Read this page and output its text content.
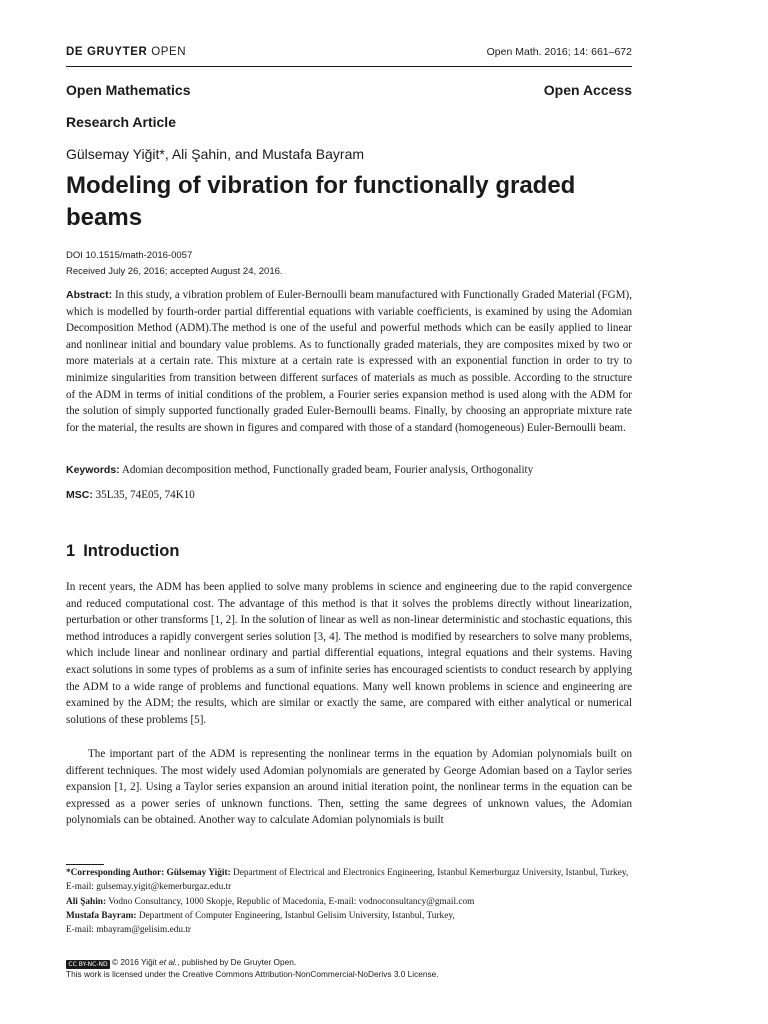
DE GRUYTER OPEN	Open Math. 2016; 14: 661–672
Open Mathematics	Open Access
Research Article
Gülsemay Yiğit*, Ali Şahin, and Mustafa Bayram
Modeling of vibration for functionally graded beams
DOI 10.1515/math-2016-0057
Received July 26, 2016; accepted August 24, 2016.
Abstract: In this study, a vibration problem of Euler-Bernoulli beam manufactured with Functionally Graded Material (FGM), which is modelled by fourth-order partial differential equations with variable coefficients, is examined by using the Adomian Decomposition Method (ADM).The method is one of the useful and powerful methods which can be easily applied to linear and nonlinear initial and boundary value problems. As to functionally graded materials, they are composites mixed by two or more materials at a certain rate. This mixture at a certain rate is expressed with an exponential function in order to try to minimize singularities from transition between different surfaces of materials as much as possible. According to the structure of the ADM in terms of initial conditions of the problem, a Fourier series expansion method is used along with the ADM for the solution of simply supported functionally graded Euler-Bernoulli beams. Finally, by choosing an appropriate mixture rate for the material, the results are shown in figures and compared with those of a standard (homogeneous) Euler-Bernoulli beam.
Keywords: Adomian decomposition method, Functionally graded beam, Fourier analysis, Orthogonality
MSC: 35L35, 74E05, 74K10
1 Introduction
In recent years, the ADM has been applied to solve many problems in science and engineering due to the rapid convergence and reduced computational cost. The advantage of this method is that it solves the problems directly without linearization, perturbation or other transforms [1, 2]. In the solution of linear as well as non-linear deterministic and stochastic equations, this method introduces a rapidly convergent series solution [3, 4]. The method is modified by researchers to solve many problems, which include linear and nonlinear ordinary and partial differential equations, integral equations and their systems. Having exact solutions in some types of problems as a sum of infinite series has encouraged scientists to conduct research by applying the ADM to a wide range of problems and functional equations. Many well known problems in science and engineering are examined by the ADM; the results, which are similar or exactly the same, are compared with either analytical or numerical solutions of these problems [5].
The important part of the ADM is representing the nonlinear terms in the equation by Adomian polynomials built on different techniques. The most widely used Adomian polynomials are generated by George Adomian based on a Taylor series expansion [1, 2]. Using a Taylor series expansion an around initial iteration point, the nonlinear terms in the equation can be expressed as a power series of unknown functions. Then, setting the same degrees of unknown values, the Adomian polynomials can be obtained. Another way to calculate Adomian polynomials is built
*Corresponding Author: Gülsemay Yiğit: Department of Electrical and Electronics Engineering, Istanbul Kemerburgaz University, Istanbul, Turkey, E-mail: gulsemay.yigit@kemerburgaz.edu.tr
Ali Şahin: Vodno Consultancy, 1000 Skopje, Republic of Macedonia, E-mail: vodnoconsultancy@gmail.com
Mustafa Bayram: Department of Computer Engineering, Istanbul Gelisim University, Istanbul, Turkey,
E-mail: mbayram@gelisim.edu.tr
CC BY-NC-ND © 2016 Yiğit et al., published by De Gruyter Open.
This work is licensed under the Creative Commons Attribution-NonCommercial-NoDerivs 3.0 License.
